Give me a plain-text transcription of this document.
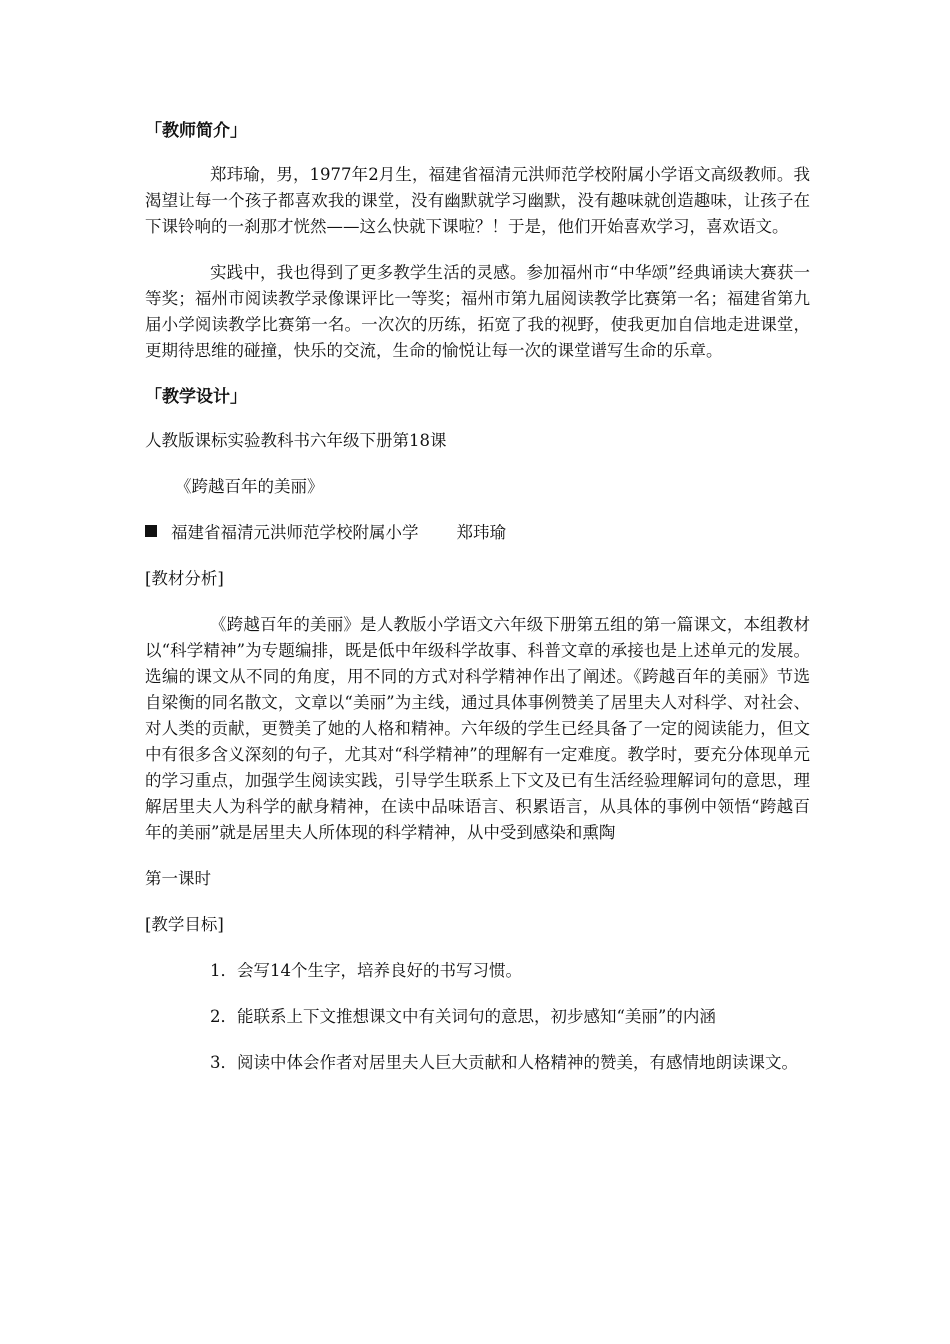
「教师简介」

郑玮瑜，男，1977年2月生，福建省福清元洪师范学校附属小学语文高级教师。我渴望让每一个孩子都喜欢我的课堂，没有幽默就学习幽默，没有趣味就创造趣味，让孩子在下课铃响的一刹那才恍然——这么快就下课啦？！于是，他们开始喜欢学习，喜欢语文。

实践中，我也得到了更多教学生活的灵感。参加福州市“中华颂”经典诵读大赛获一等奖；福州市阅读教学录像课评比一等奖；福州市第九届阅读教学比赛第一名；福建省第九届小学阅读教学比赛第一名。一次次的历练，拓宽了我的视野，使我更加自信地走进课堂，更期待思维的碰撞，快乐的交流，生命的愉悦让每一次的课堂谱写生命的乐章。

「教学设计」
人教版课标实验教科书六年级下册第18课
《跨越百年的美丽》
福建省福清元洪师范学校附属小学 郑玮瑜
[教材分析]

《跨越百年的美丽》是人教版小学语文六年级下册第五组的第一篇课文，本组教材以“科学精神”为专题编排，既是低中年级科学故事、科普文章的承接也是上述单元的发展。选编的课文从不同的角度，用不同的方式对科学精神作出了阐述。《跨越百年的美丽》节选自梁衡的同名散文，文章以“美丽”为主线，通过具体事例赞美了居里夫人对科学、对社会、对人类的贡献，更赞美了她的人格和精神。六年级的学生已经具备了一定的阅读能力，但文中有很多含义深刻的句子，尤其对“科学精神”的理解有一定难度。教学时，要充分体现单元的学习重点，加强学生阅读实践，引导学生联系上下文及已有生活经验理解词句的意思，理解居里夫人为科学的献身精神，在读中品味语言、积累语言，从具体的事例中领悟“跨越百年的美丽”就是居里夫人所体现的科学精神，从中受到感染和熏陶

第一课时
[教学目标]

1．会写14个生字，培养良好的书写习惯。

2．能联系上下文推想课文中有关词句的意思，初步感知“美丽”的内涵

3．阅读中体会作者对居里夫人巨大贡献和人格精神的赞美，有感情地朗读课文。
